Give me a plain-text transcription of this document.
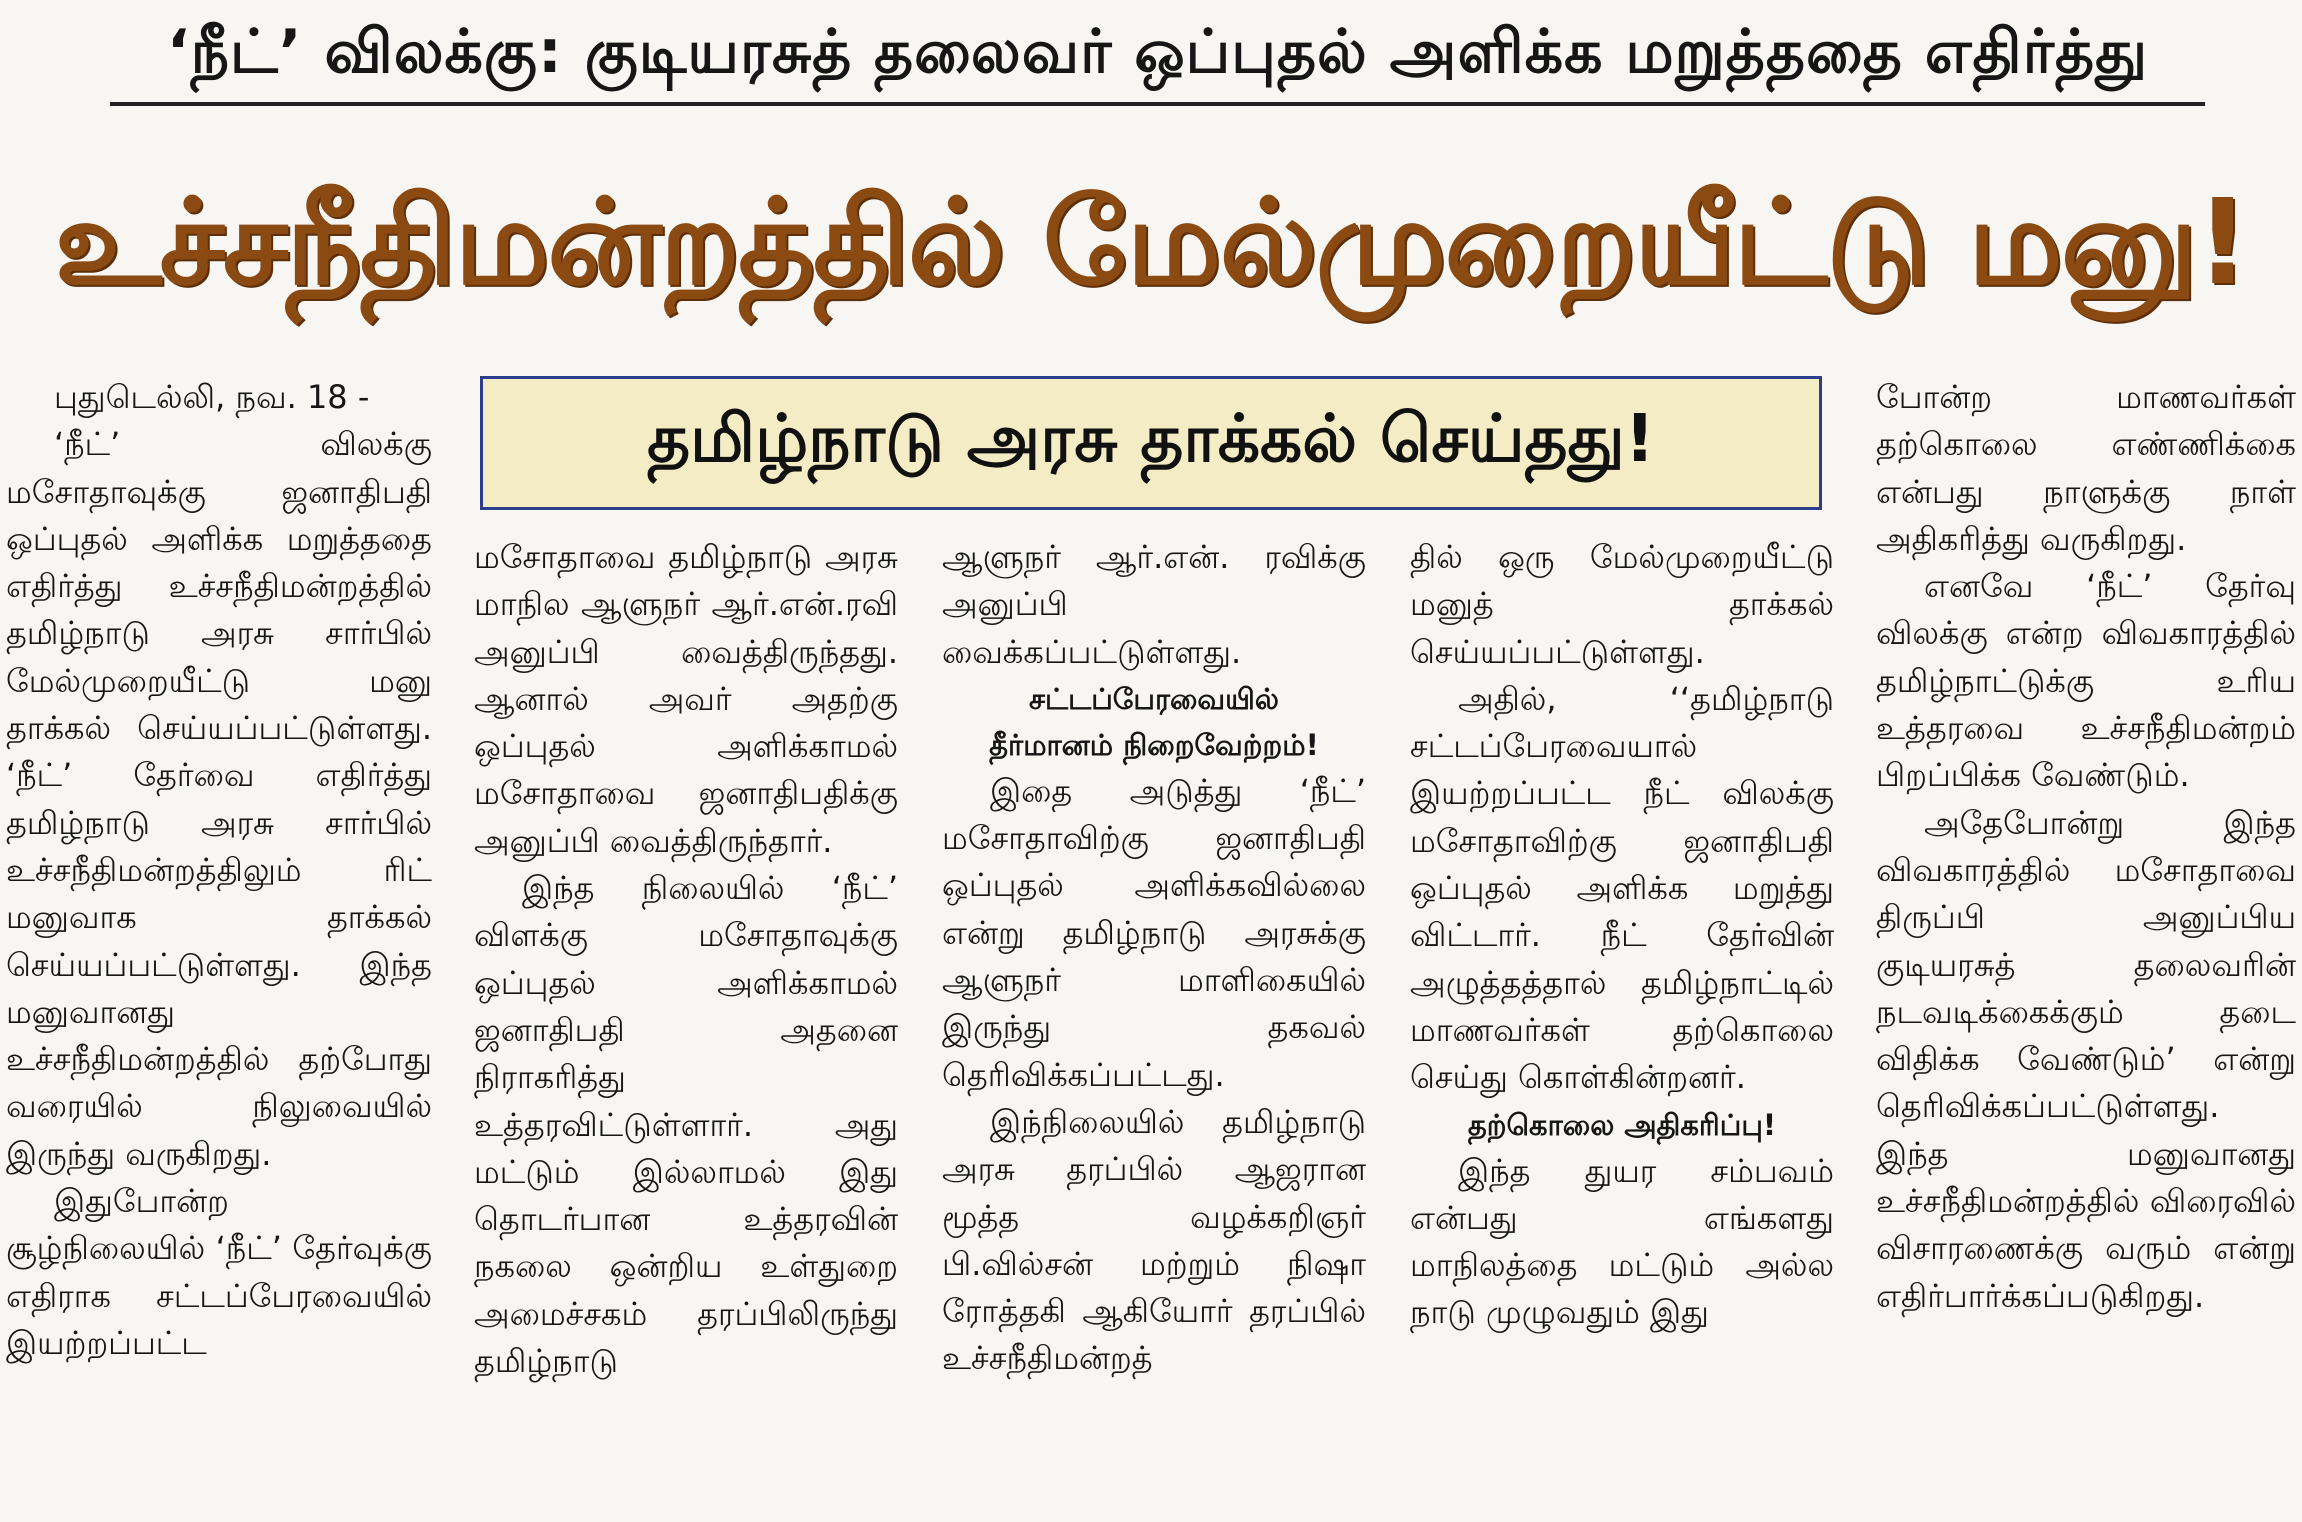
‘நீட்’ விலக்கு: குடியரசுத் தலைவர் ஒப்புதல் அளிக்க மறுத்ததை எதிர்த்து
உச்சநீதிமன்றத்தில் மேல்முறையீட்டு மனு!
தமிழ்நாடு அரசு தாக்கல் செய்தது!

புதுடெல்லி, நவ. 18 -

‘நீட்’ விலக்கு மசோதாவுக்கு ஜனாதிபதி ஒப்புதல் அளிக்க மறுத்ததை எதிர்த்து உச்சநீதிமன்றத்தில் தமிழ்நாடு அரசு சார்பில் மேல்முறையீட்டு மனு தாக்கல் செய்யப்பட்டுள்ளது. ‘நீட்’ தேர்வை எதிர்த்து தமிழ்நாடு அரசு சார்பில் உச்சநீதிமன்றத்திலும் ரிட் மனுவாக தாக்கல் செய்யப்பட்டுள்ளது. இந்த மனுவானது உச்சநீதிமன்றத்தில் தற்போது வரையில் நிலுவையில் இருந்து வருகிறது.

இதுபோன்ற சூழ்நிலையில் ‘நீட்’ தேர்வுக்கு எதிராக சட்டப்பேரவையில் இயற்றப்பட்ட

மசோதாவை தமிழ்நாடு அரசு மாநில ஆளுநர் ஆர்.என்.ரவி அனுப்பி வைத்திருந்தது. ஆனால் அவர் அதற்கு ஒப்புதல் அளிக்காமல் மசோதாவை ஜனாதிபதிக்கு அனுப்பி வைத்திருந்தார்.

இந்த நிலையில் ‘நீட்’ விளக்கு மசோதாவுக்கு ஒப்புதல் அளிக்காமல் ஜனாதிபதி அதனை நிராகரித்து உத்தரவிட்டுள்ளார். அது மட்டும் இல்லாமல் இது தொடர்பான உத்தரவின் நகலை ஒன்றிய உள்துறை அமைச்சகம் தரப்பிலிருந்து தமிழ்நாடு

ஆளுநர் ஆர்.என். ரவிக்கு அனுப்பி வைக்கப்பட்டுள்ளது.

சட்டப்பேரவையில்

தீர்மானம் நிறைவேற்றம்!

இதை அடுத்து ‘நீட்’ மசோதாவிற்கு ஜனாதிபதி ஒப்புதல் அளிக்கவில்லை என்று தமிழ்நாடு அரசுக்கு ஆளுநர் மாளிகையில் இருந்து தகவல் தெரிவிக்கப்பட்டது.

இந்நிலையில் தமிழ்நாடு அரசு தரப்பில் ஆஜரான மூத்த வழக்கறிஞர் பி.வில்சன் மற்றும் நிஷா ரோத்தகி ஆகியோர் தரப்பில் உச்சநீதிமன்றத்

தில் ஒரு மேல்முறையீட்டு மனுத் தாக்கல் செய்யப்பட்டுள்ளது.

அதில், ‘‘தமிழ்நாடு சட்டப்பேரவையால் இயற்றப்பட்ட நீட் விலக்கு மசோதாவிற்கு ஜனாதிபதி ஒப்புதல் அளிக்க மறுத்து விட்டார். நீட் தேர்வின் அழுத்தத்தால் தமிழ்நாட்டில் மாணவர்கள் தற்கொலை செய்து கொள்கின்றனர்.

தற்கொலை அதிகரிப்பு!

இந்த துயர சம்பவம் என்பது எங்களது மாநிலத்தை மட்டும் அல்ல நாடு முழுவதும் இது

போன்ற மாணவர்கள் தற்கொலை எண்ணிக்கை என்பது நாளுக்கு நாள் அதிகரித்து வருகிறது.

எனவே ‘நீட்’ தேர்வு விலக்கு என்ற விவகாரத்தில் தமிழ்நாட்டுக்கு உரிய உத்தரவை உச்சநீதிமன்றம் பிறப்பிக்க வேண்டும்.

அதேபோன்று இந்த விவகாரத்தில் மசோதாவை திருப்பி அனுப்பிய குடியரசுத் தலைவரின் நடவடிக்கைக்கும் தடை விதிக்க வேண்டும்’ என்று தெரிவிக்கப்பட்டுள்ளது. இந்த மனுவானது உச்சநீதிமன்றத்தில் விரைவில் விசாரணைக்கு வரும் என்று எதிர்பார்க்கப்படுகிறது.
